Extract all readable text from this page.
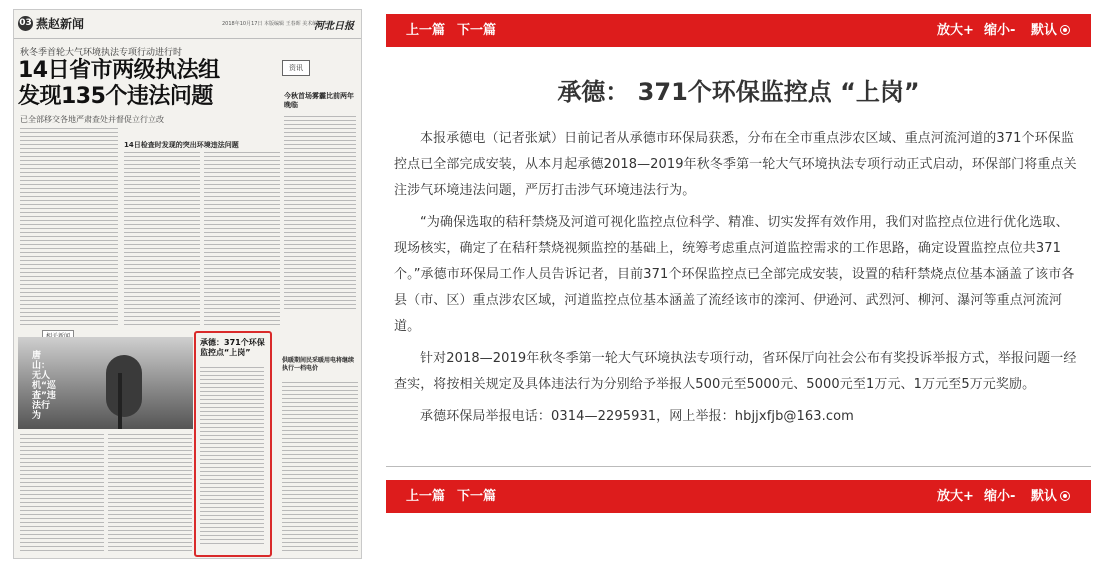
03 燕赵新闻	2018年10月17日 本版编辑 王春晖 美术编辑 刘峰
河北日报
秋冬季首轮大气环境执法专项行动进行时
14日省市两级执法组
发现135个违法问题
已全部移交各地严肃查处并督促立行立改
14日检查时发现的突出环境违法问题
资讯
今秋首场雾霾比前两年晚临
唐山：无人机“巡查”违法行为
承德：371个环保监控点“上岗”
供暖期间民采暖用电将继续执行一档电价
上一篇 下一篇	放大+ 缩小- 默认
承德： 371个环保监控点 “上岗”

本报承德电（记者张斌）日前记者从承德市环保局获悉，分布在全市重点涉农区域、重点河流河道的371个环保监控点已全部完成安装，从本月起承德2018—2019年秋冬季第一轮大气环境执法专项行动正式启动，环保部门将重点关注涉气环境违法问题，严厉打击涉气环境违法行为。

“为确保选取的秸秆禁烧及河道可视化监控点位科学、精准、切实发挥有效作用，我们对监控点位进行优化选取、现场核实，确定了在秸秆禁烧视频监控的基础上，统筹考虑重点河道监控需求的工作思路，确定设置监控点位共371个。”承德市环保局工作人员告诉记者，目前371个环保监控点已全部完成安装，设置的秸秆禁烧点位基本涵盖了该市各县（市、区）重点涉农区域，河道监控点位基本涵盖了流经该市的滦河、伊逊河、武烈河、柳河、瀑河等重点河流河道。

针对2018—2019年秋冬季第一轮大气环境执法专项行动，省环保厅向社会公布有奖投诉举报方式，举报问题一经查实，将按相关规定及具体违法行为分别给予举报人500元至5000元、5000元至1万元、1万元至5万元奖励。

承德环保局举报电话：0314—2295931，网上举报：hbjjxfjb@163.com

上一篇 下一篇	放大+ 缩小- 默认
